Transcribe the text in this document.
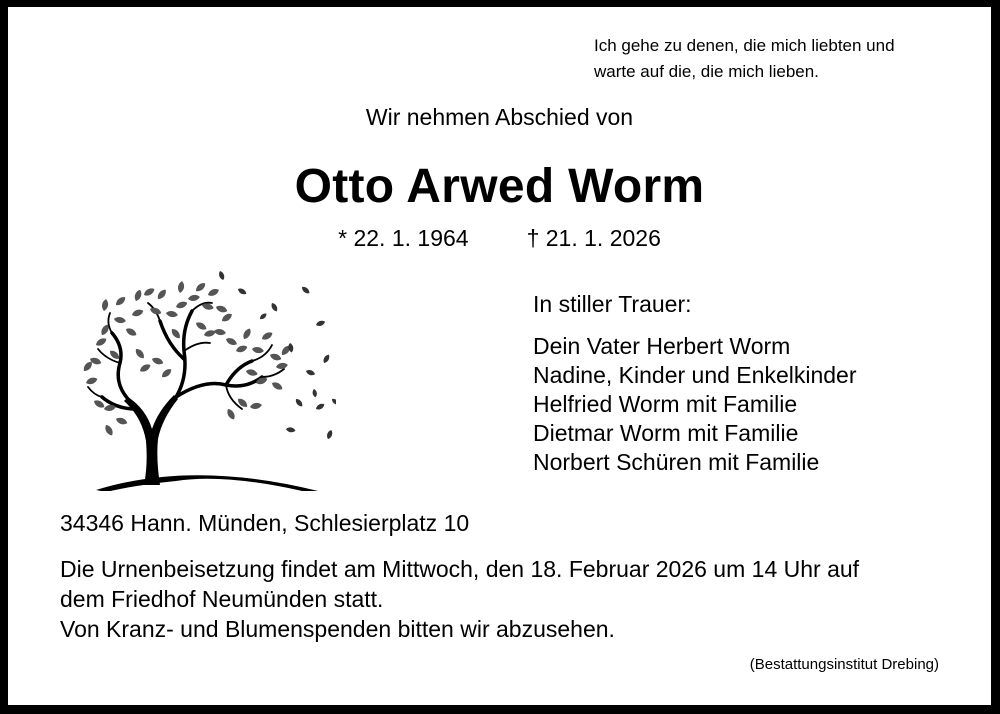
Ich gehe zu denen, die mich liebten und
warte auf die, die mich lieben.
Wir nehmen Abschied von
Otto Arwed Worm
* 22. 1. 1964	† 21. 1. 2026
In stiller Trauer:
Dein Vater Herbert Worm
Nadine, Kinder und Enkelkinder
Helfried Worm mit Familie
Dietmar Worm mit Familie
Norbert Schüren mit Familie
34346 Hann. Münden, Schlesierplatz 10
Die Urnenbeisetzung findet am Mittwoch, den 18. Februar 2026 um 14 Uhr auf
dem Friedhof Neumünden statt.
Von Kranz- und Blumenspenden bitten wir abzusehen.
(Bestattungsinstitut Drebing)
